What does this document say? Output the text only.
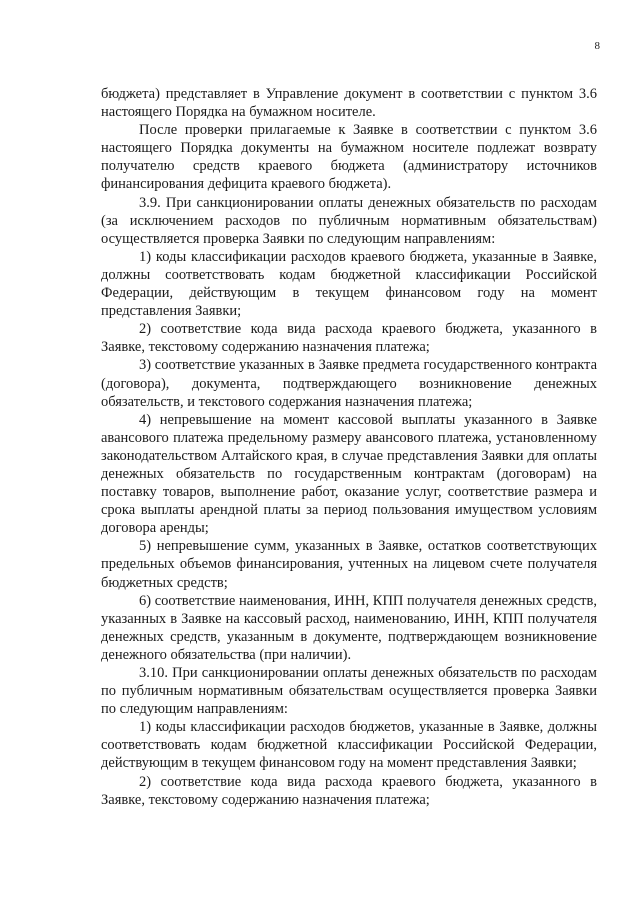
8

бюджета) представляет в Управление документ в соответствии с пунктом 3.6 настоящего Порядка на бумажном носителе.

После проверки прилагаемые к Заявке в соответствии с пунктом 3.6 настоящего Порядка документы на бумажном носителе подлежат возврату получателю средств краевого бюджета (администратору источников финансирования дефицита краевого бюджета).

3.9. При санкционировании оплаты денежных обязательств по расходам (за исключением расходов по публичным нормативным обязательствам) осуществляется проверка Заявки по следующим направлениям:

1) коды классификации расходов краевого бюджета, указанные в Заявке, должны соответствовать кодам бюджетной классификации Российской Федерации, действующим в текущем финансовом году на момент представления Заявки;

2) соответствие кода вида расхода краевого бюджета, указанного в Заявке, текстовому содержанию назначения платежа;

3) соответствие указанных в Заявке предмета государственного контракта (договора), документа, подтверждающего возникновение денежных обязательств, и текстового содержания назначения платежа;

4) непревышение на момент кассовой выплаты указанного в Заявке авансового платежа предельному размеру авансового платежа, установленному законодательством Алтайского края, в случае представления Заявки для оплаты денежных обязательств по государственным контрактам (договорам) на поставку товаров, выполнение работ, оказание услуг, соответствие размера и срока выплаты арендной платы за период пользования имуществом условиям договора аренды;

5) непревышение сумм, указанных в Заявке, остатков соответствующих предельных объемов финансирования, учтенных на лицевом счете получателя бюджетных средств;

6) соответствие наименования, ИНН, КПП получателя денежных средств, указанных в Заявке на кассовый расход, наименованию, ИНН, КПП получателя денежных средств, указанным в документе, подтверждающем возникновение денежного обязательства (при наличии).

3.10. При санкционировании оплаты денежных обязательств по расходам по публичным нормативным обязательствам осуществляется проверка Заявки по следующим направлениям:

1) коды классификации расходов бюджетов, указанные в Заявке, должны соответствовать кодам бюджетной классификации Российской Федерации, действующим в текущем финансовом году на момент представления Заявки;

2) соответствие кода вида расхода краевого бюджета, указанного в Заявке, текстовому содержанию назначения платежа;
